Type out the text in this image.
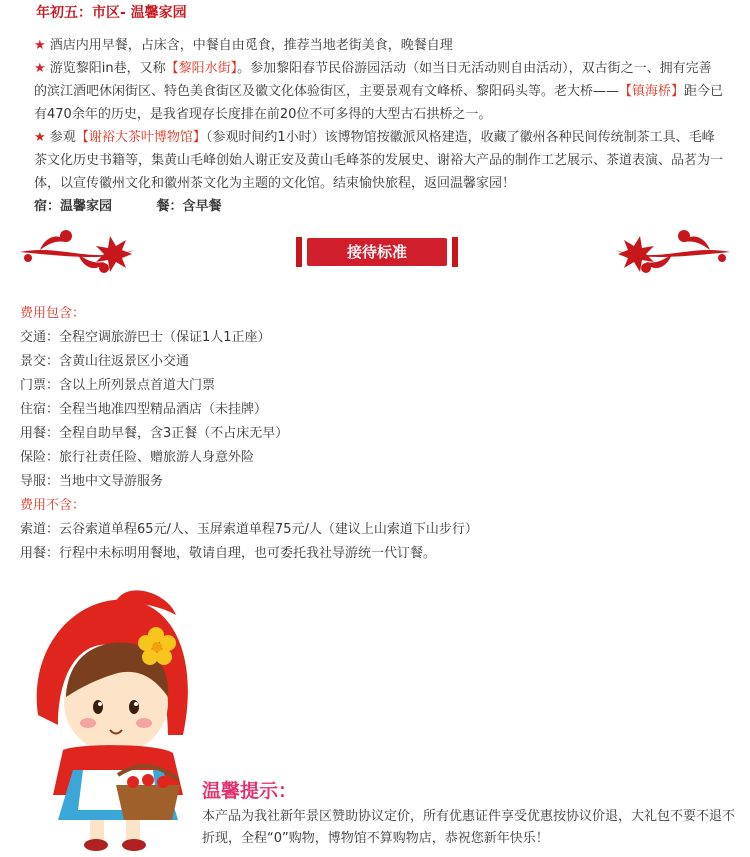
年初五：市区- 温馨家园

★ 酒店内用早餐，占床含，中餐自由觅食，推荐当地老街美食，晚餐自理

★ 游览黎阳in巷，又称【黎阳水街】。参加黎阳春节民俗游园活动（如当日无活动则自由活动），双古街之一、拥有完善的滨江酒吧休闲街区、特色美食街区及徽文化体验街区，主要景观有文峰桥、黎阳码头等。老大桥——【镇海桥】距今已有470余年的历史，是我省现存长度排在前20位不可多得的大型古石拱桥之一。

★ 参观【谢裕大茶叶博物馆】（参观时间约1小时）该博物馆按徽派风格建造，收藏了徽州各种民间传统制茶工具、毛峰茶文化历史书籍等，集黄山毛峰创始人谢正安及黄山毛峰茶的发展史、谢裕大产品的制作工艺展示、茶道表演、品茗为一体，以宣传徽州文化和徽州茶文化为主题的文化馆。结束愉快旅程，返回温馨家园！

宿：温馨家园	餐：含早餐

接待标准

费用包含：

交通：全程空调旅游巴士（保证1人1正座）

景交：含黄山往返景区小交通

门票：含以上所列景点首道大门票

住宿：全程当地准四型精品酒店（未挂牌）

用餐：全程自助早餐，含3正餐（不占床无早）

保险：旅行社责任险、赠旅游人身意外险

导服：当地中文导游服务

费用不含：

索道：云谷索道单程65元/人、玉屏索道单程75元/人（建议上山索道下山步行）

用餐：行程中未标明用餐地，敬请自理，也可委托我社导游统一代订餐。

温馨提示：
本产品为我社新年景区赞助协议定价，所有优惠证件享受优惠按协议价退，大礼包不要不退不折现，全程“0”购物，博物馆不算购物店，恭祝您新年快乐！
